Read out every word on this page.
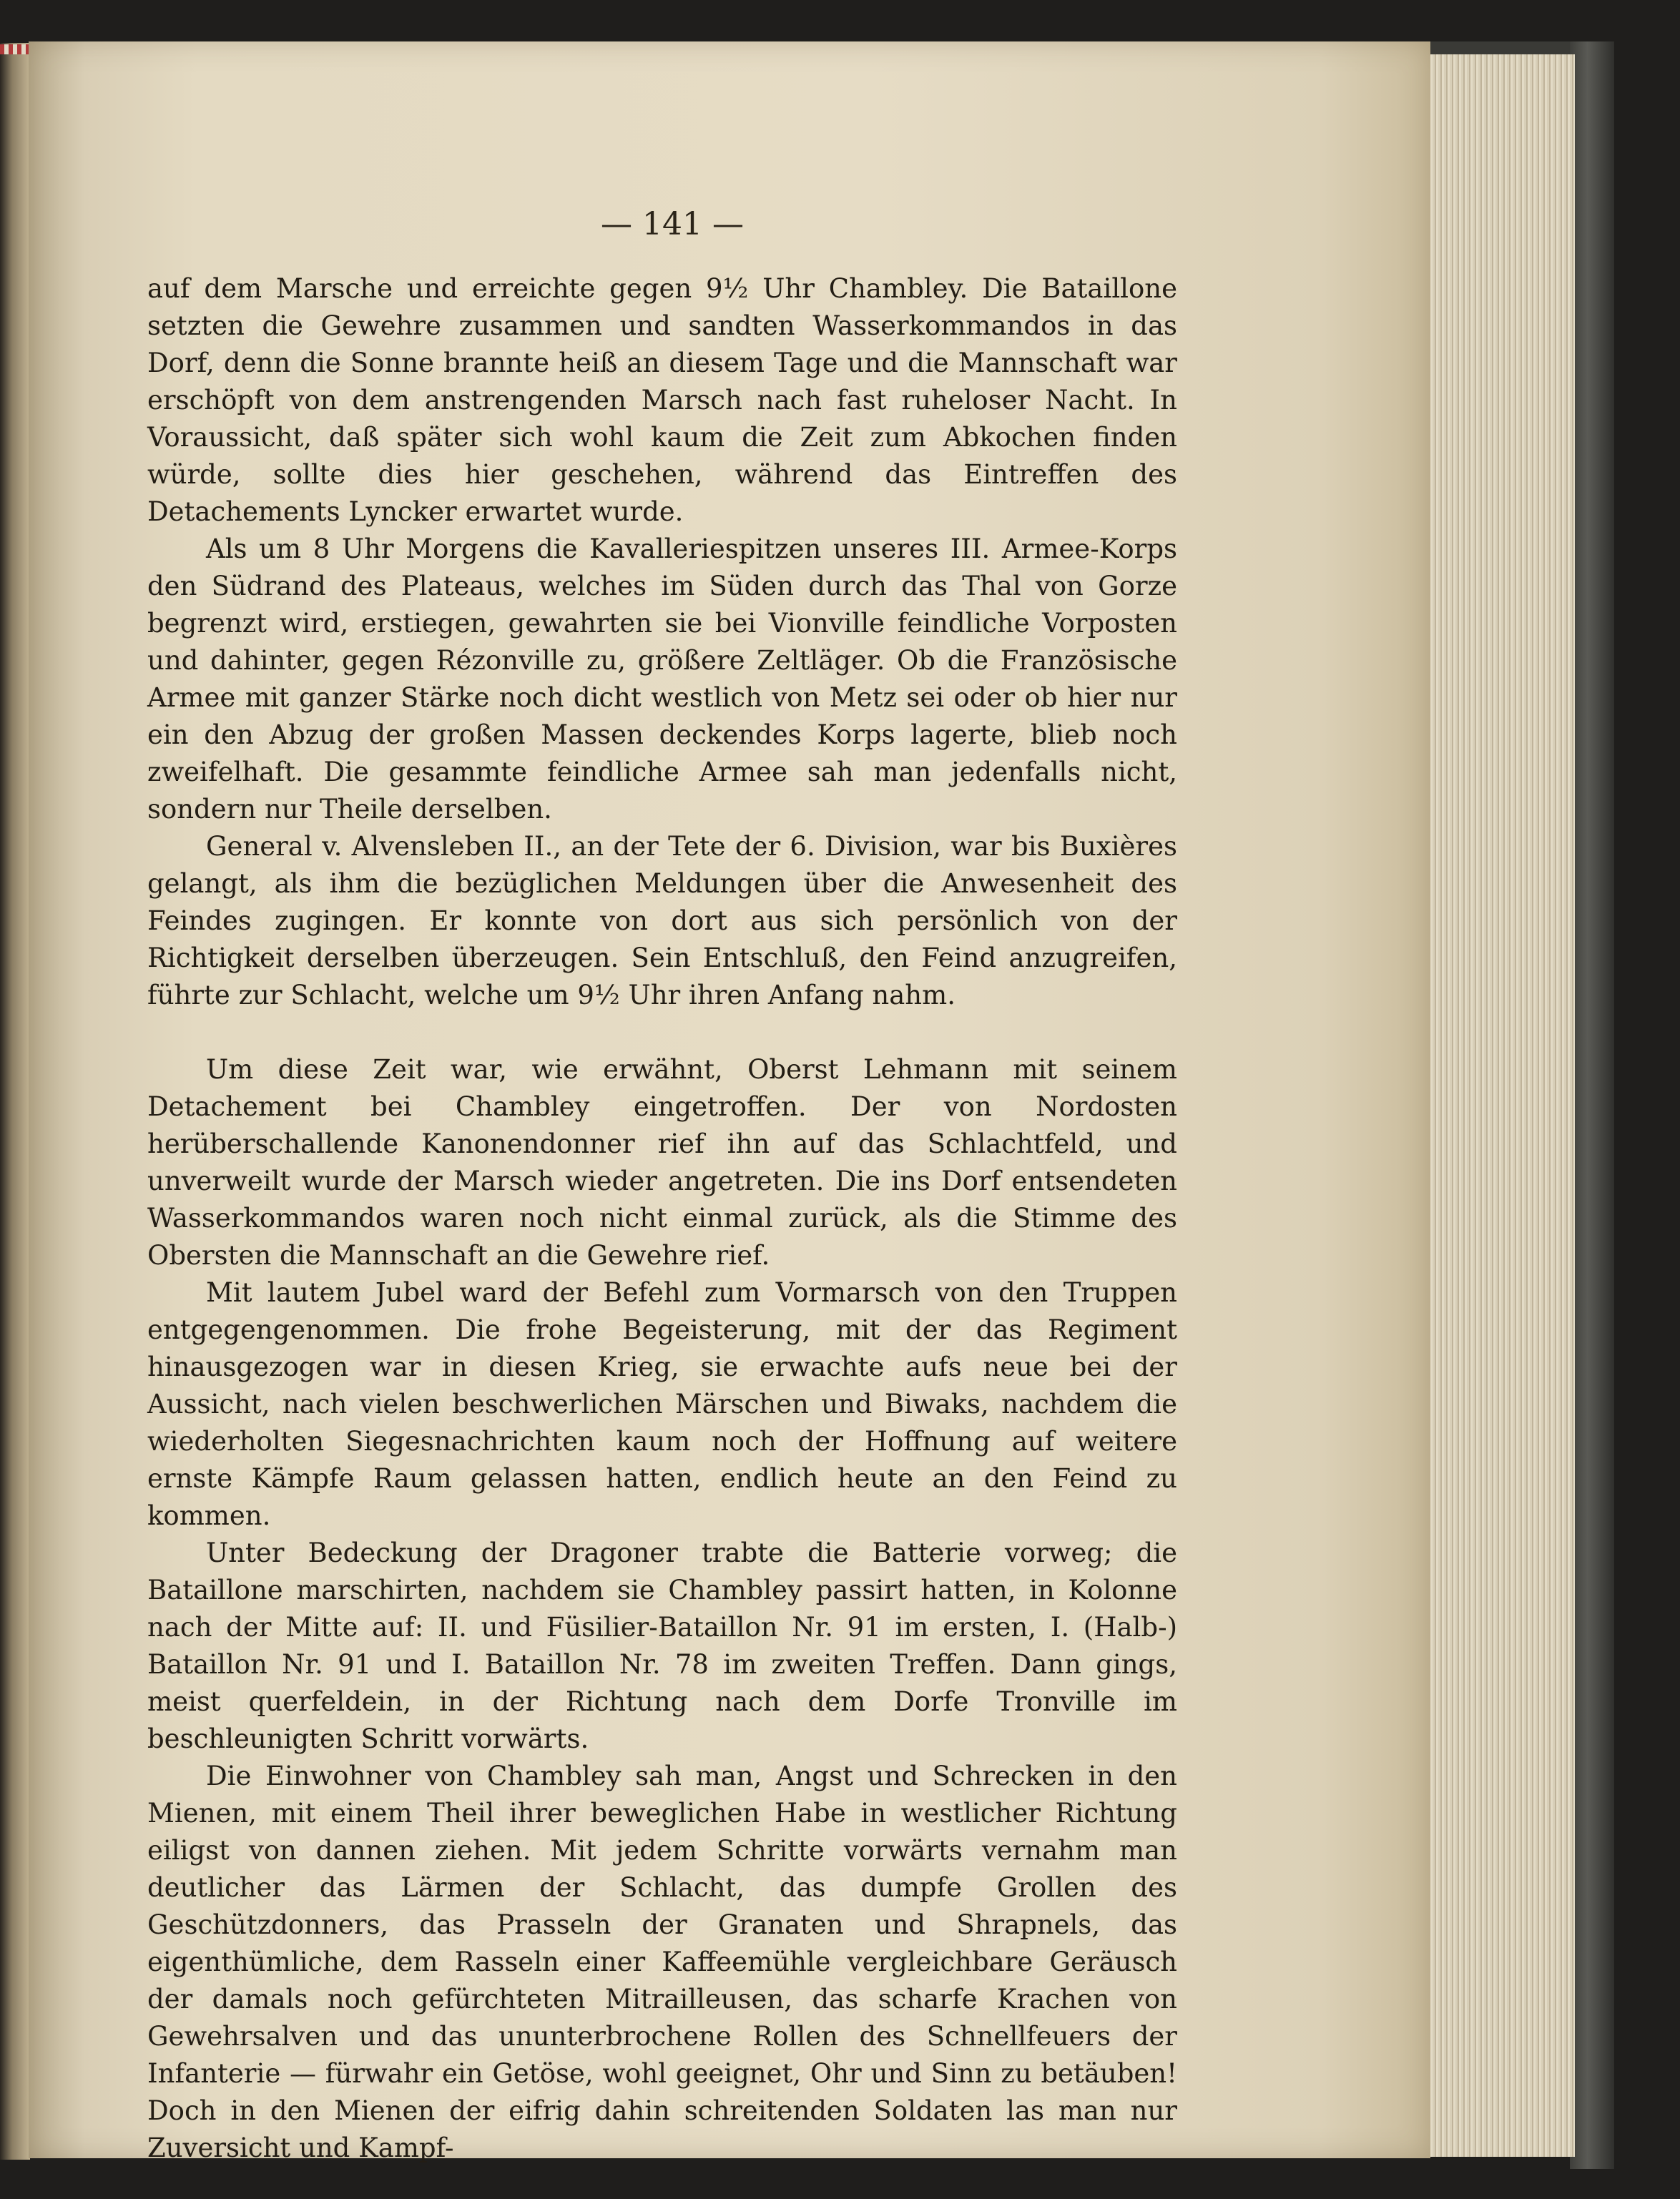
— 141 —

auf dem Marsche und erreichte gegen 9½ Uhr Chambley. Die Bataillone setzten die Gewehre zusammen und sandten Wasserkommandos in das Dorf, denn die Sonne brannte heiß an diesem Tage und die Mannschaft war erschöpft von dem anstrengenden Marsch nach fast ruheloser Nacht. In Voraussicht, daß später sich wohl kaum die Zeit zum Abkochen finden würde, sollte dies hier geschehen, während das Eintreffen des Detachements Lyncker erwartet wurde.

Als um 8 Uhr Morgens die Kavalleriespitzen unseres III. Armee-Korps den Südrand des Plateaus, welches im Süden durch das Thal von Gorze begrenzt wird, erstiegen, gewahrten sie bei Vionville feindliche Vorposten und dahinter, gegen Rézonville zu, größere Zeltläger. Ob die Französische Armee mit ganzer Stärke noch dicht westlich von Metz sei oder ob hier nur ein den Abzug der großen Massen deckendes Korps lagerte, blieb noch zweifelhaft. Die gesammte feindliche Armee sah man jedenfalls nicht, sondern nur Theile derselben.

General v. Alvensleben II., an der Tete der 6. Division, war bis Buxières gelangt, als ihm die bezüglichen Meldungen über die Anwesenheit des Feindes zugingen. Er konnte von dort aus sich persönlich von der Richtigkeit derselben überzeugen. Sein Entschluß, den Feind anzugreifen, führte zur Schlacht, welche um 9½ Uhr ihren Anfang nahm.

Um diese Zeit war, wie erwähnt, Oberst Lehmann mit seinem Detachement bei Chambley eingetroffen. Der von Nordosten herüberschallende Kanonendonner rief ihn auf das Schlachtfeld, und unverweilt wurde der Marsch wieder angetreten. Die ins Dorf entsendeten Wasserkommandos waren noch nicht einmal zurück, als die Stimme des Obersten die Mannschaft an die Gewehre rief.

Mit lautem Jubel ward der Befehl zum Vormarsch von den Truppen entgegengenommen. Die frohe Begeisterung, mit der das Regiment hinausgezogen war in diesen Krieg, sie erwachte aufs neue bei der Aussicht, nach vielen beschwerlichen Märschen und Biwaks, nachdem die wiederholten Siegesnachrichten kaum noch der Hoffnung auf weitere ernste Kämpfe Raum gelassen hatten, endlich heute an den Feind zu kommen.

Unter Bedeckung der Dragoner trabte die Batterie vorweg; die Bataillone marschirten, nachdem sie Chambley passirt hatten, in Kolonne nach der Mitte auf: II. und Füsilier-Bataillon Nr. 91 im ersten, I. (Halb-) Bataillon Nr. 91 und I. Bataillon Nr. 78 im zweiten Treffen. Dann gings, meist querfeldein, in der Richtung nach dem Dorfe Tronville im beschleunigten Schritt vorwärts.

Die Einwohner von Chambley sah man, Angst und Schrecken in den Mienen, mit einem Theil ihrer beweglichen Habe in westlicher Richtung eiligst von dannen ziehen. Mit jedem Schritte vorwärts vernahm man deutlicher das Lärmen der Schlacht, das dumpfe Grollen des Geschützdonners, das Prasseln der Granaten und Shrapnels, das eigenthümliche, dem Rasseln einer Kaffeemühle vergleichbare Geräusch der damals noch gefürchteten Mitrailleusen, das scharfe Krachen von Gewehrsalven und das ununterbrochene Rollen des Schnellfeuers der Infanterie — fürwahr ein Getöse, wohl geeignet, Ohr und Sinn zu betäuben! Doch in den Mienen der eifrig dahin schreitenden Soldaten las man nur Zuversicht und Kampf-
